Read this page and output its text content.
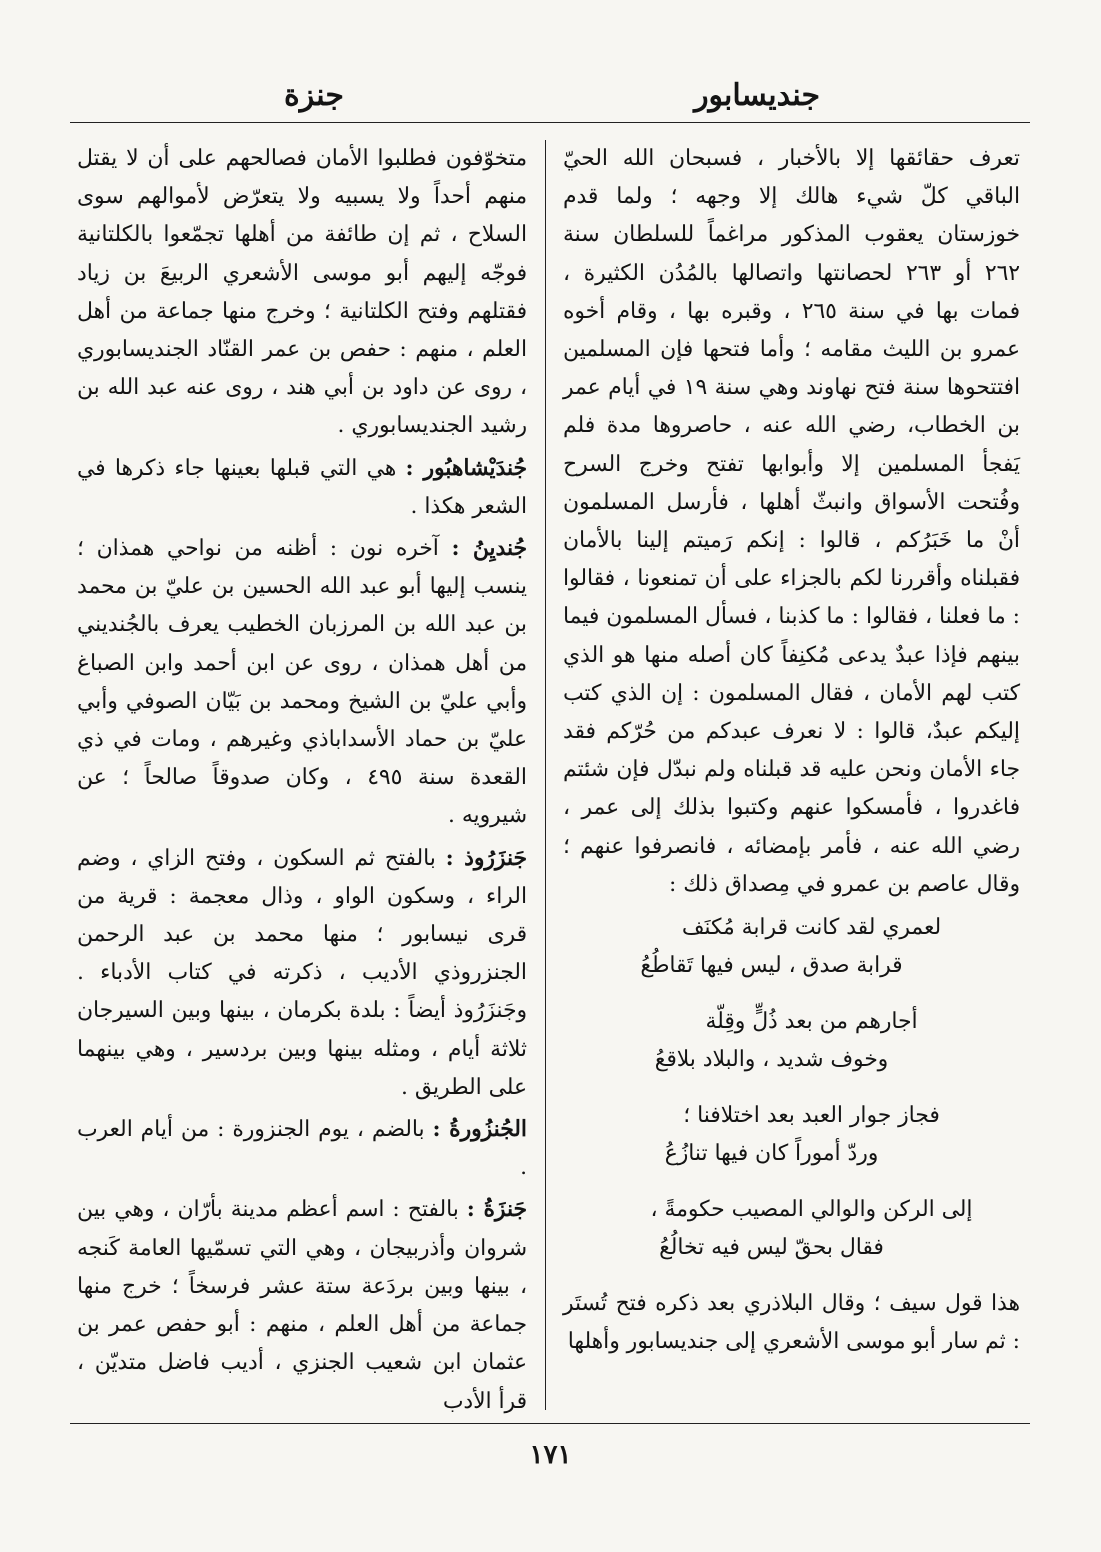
جنديسابور
جنزة

تعرف حقائقها إلا بالأخبار ، فسبحان الله الحيّ الباقي كلّ شيء هالك إلا وجهه ؛ ولما قدم خوزستان يعقوب المذكور مراغماً للسلطان سنة ٢٦٢ أو ٢٦٣ لحصانتها واتصالها بالمُدُن الكثيرة ، فمات بها في سنة ٢٦٥ ، وقبره بها ، وقام أخوه عمرو بن الليث مقامه ؛ وأما فتحها فإن المسلمين افتتحوها سنة فتح نهاوند وهي سنة ١٩ في أيام عمر بن الخطاب، رضي الله عنه ، حاصروها مدة فلم يَفجأ المسلمين إلا وأبوابها تفتح وخرج السرح وفُتحت الأسواق وانبثّ أهلها ، فأرسل المسلمون أنْ ما خَبَرُكم ، قالوا : إنكم رَميتم إلينا بالأمان فقبلناه وأقررنا لكم بالجزاء على أن تمنعونا ، فقالوا : ما فعلنا ، فقالوا : ما كذبنا ، فسأل المسلمون فيما بينهم فإذا عبدٌ يدعى مُكنِفاً كان أصله منها هو الذي كتب لهم الأمان ، فقال المسلمون : إن الذي كتب إليكم عبدٌ، قالوا : لا نعرف عبدكم من حُرّكم فقد جاء الأمان ونحن عليه قد قبلناه ولم نبدّل فإن شئتم فاغدروا ، فأمسكوا عنهم وكتبوا بذلك إلى عمر ، رضي الله عنه ، فأمر بإمضائه ، فانصرفوا عنهم ؛ وقال عاصم بن عمرو في مِصداق ذلك :

لعمري لقد كانت قرابة مُكنَف
قرابة صدق ، ليس فيها تَقاطُعُ
أجارهم من بعد ذُلٍّ وقِلّة
وخوف شديد ، والبلاد بلاقعُ
فجاز جوار العبد بعد اختلافنا ؛
وردّ أموراً كان فيها تنازُعُ
إلى الركن والوالي المصيب حكومةً ،
فقال بحقّ ليس فيه تخالُعُ

هذا قول سيف ؛ وقال البلاذري بعد ذكره فتح تُستَر : ثم سار أبو موسى الأشعري إلى جنديسابور وأهلها

متخوّفون فطلبوا الأمان فصالحهم على أن لا يقتل منهم أحداً ولا يسبيه ولا يتعرّض لأموالهم سوى السلاح ، ثم إن طائفة من أهلها تجمّعوا بالكلتانية فوجّه إليهم أبو موسى الأشعري الربيعَ بن زياد فقتلهم وفتح الكلتانية ؛ وخرج منها جماعة من أهل العلم ، منهم : حفص بن عمر القنّاد الجنديسابوري ، روى عن داود بن أبي هند ، روى عنه عبد الله بن رشيد الجنديسابوري .

جُندَيْشاهبُور : هي التي قبلها بعينها جاء ذكرها في الشعر هكذا .

جُنديِنُ : آخره نون : أظنه من نواحي همذان ؛ ينسب إليها أبو عبد الله الحسين بن عليّ بن محمد بن عبد الله بن المرزبان الخطيب يعرف بالجُنديني من أهل همذان ، روى عن ابن أحمد وابن الصباغ وأبي عليّ بن الشيخ ومحمد بن بَيّان الصوفي وأبي عليّ بن حماد الأسداباذي وغيرهم ، ومات في ذي القعدة سنة ٤٩٥ ، وكان صدوقاً صالحاً ؛ عن شيرويه .

جَنزَرُوذ : بالفتح ثم السكون ، وفتح الزاي ، وضم الراء ، وسكون الواو ، وذال معجمة : قرية من قرى نيسابور ؛ منها محمد بن عبد الرحمن الجنزروذي الأديب ، ذكرته في كتاب الأدباء . وجَنزَرُوذ أيضاً : بلدة بكرمان ، بينها وبين السيرجان ثلاثة أيام ، ومثله بينها وبين بردسير ، وهي بينهما على الطريق .

الجُنزُورةُ : بالضم ، يوم الجنزورة : من أيام العرب .

جَنزَةُ : بالفتح : اسم أعظم مدينة بأرّان ، وهي بين شروان وأذربيجان ، وهي التي تسمّيها العامة كَنجه ، بينها وبين بردَعة ستة عشر فرسخاً ؛ خرج منها جماعة من أهل العلم ، منهم : أبو حفص عمر بن عثمان ابن شعيب الجنزي ، أديب فاضل متديّن ، قرأ الأدب

١٧١
